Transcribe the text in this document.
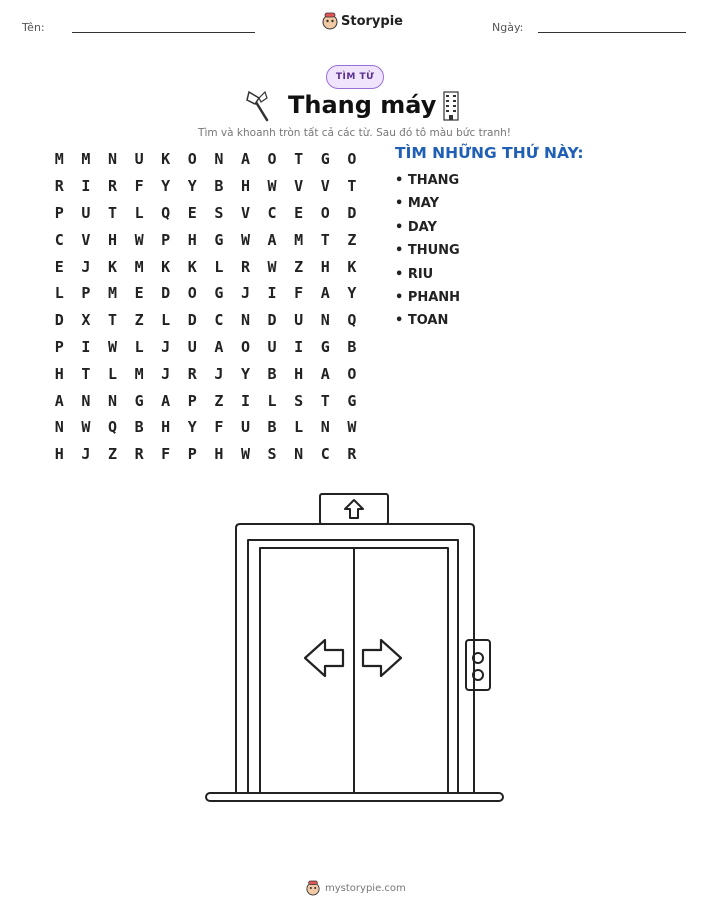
Tên:	Ngày:
Storypie
TÌM TỪ
Thang máy
Tìm và khoanh tròn tất cả các từ. Sau đó tô màu bức tranh!
M	M	N	U	K	O	N	A	O	T	G	O
R	I	R	F	Y	Y	B	H	W	V	V	T
P	U	T	L	Q	E	S	V	C	E	O	D
C	V	H	W	P	H	G	W	A	M	T	Z
E	J	K	M	K	K	L	R	W	Z	H	K
L	P	M	E	D	O	G	J	I	F	A	Y
D	X	T	Z	L	D	C	N	D	U	N	Q
P	I	W	L	J	U	A	O	U	I	G	B
H	T	L	M	J	R	J	Y	B	H	A	O
A	N	N	G	A	P	Z	I	L	S	T	G
N	W	Q	B	H	Y	F	U	B	L	N	W
H	J	Z	R	F	P	H	W	S	N	C	R
TÌM NHỮNG THỨ NÀY:
• THANG
• MAY
• DAY
• THUNG
• RIU
• PHANH
• TOAN
mystorypie.com
